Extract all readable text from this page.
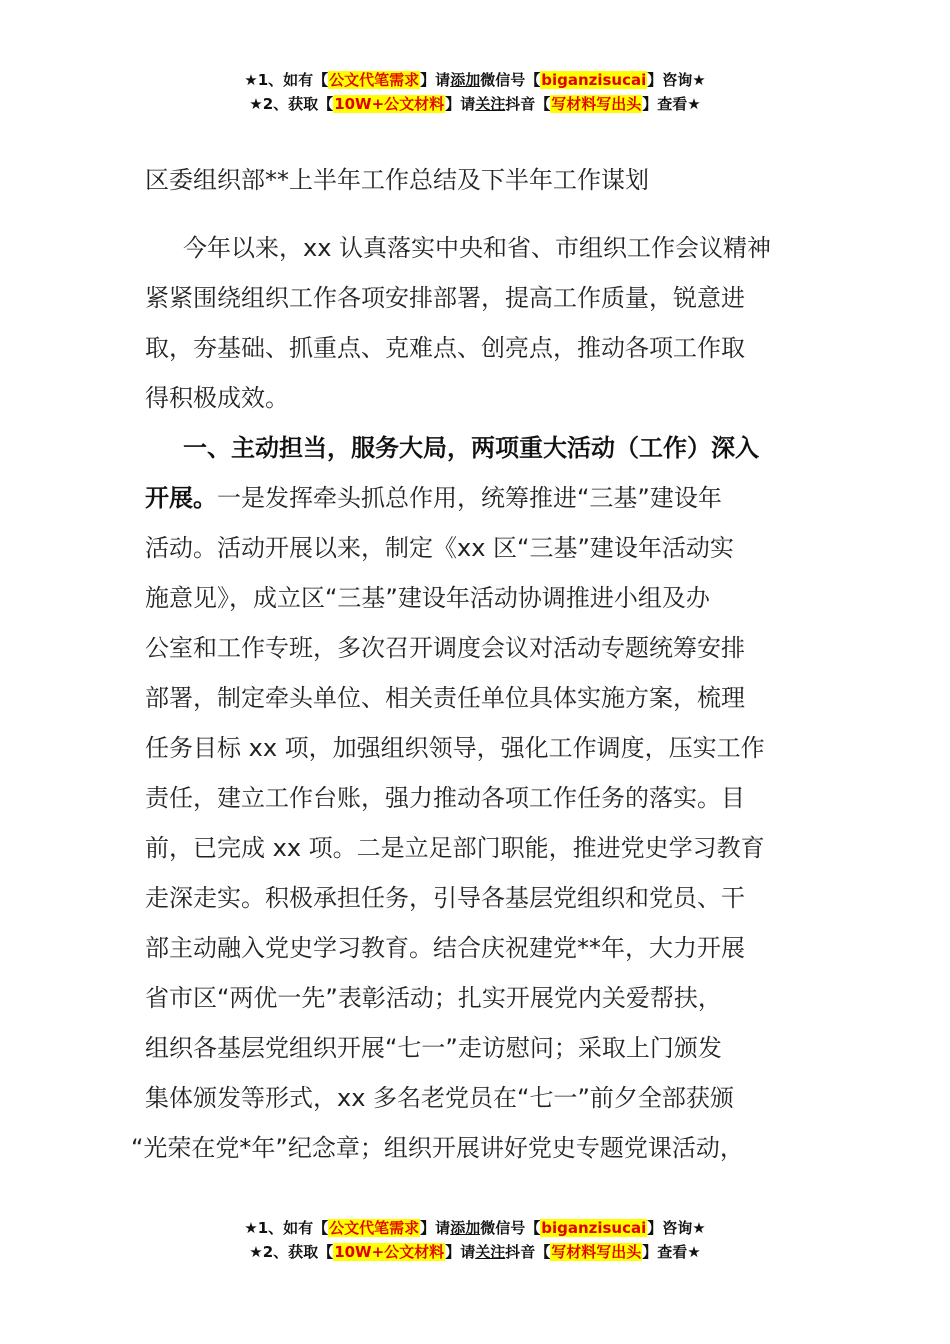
★1、如有【公文代笔需求】请添加微信号【biganzisucai】咨询★
★2、获取【10W+公文材料】请关注抖音【写材料写出头】查看★
区委组织部**上半年工作总结及下半年工作谋划
今年以来，xx 认真落实中央和省、市组织工作会议精神
紧紧围绕组织工作各项安排部署，提高工作质量，锐意进
取，夯基础、抓重点、克难点、创亮点，推动各项工作取
得积极成效。
一、主动担当，服务大局，两项重大活动（工作）深入
开展。一是发挥牵头抓总作用，统筹推进“三基”建设年
活动。活动开展以来，制定《xx 区“三基”建设年活动实
施意见》，成立区“三基”建设年活动协调推进小组及办
公室和工作专班，多次召开调度会议对活动专题统筹安排
部署，制定牵头单位、相关责任单位具体实施方案，梳理
任务目标 xx 项，加强组织领导，强化工作调度，压实工作
责任，建立工作台账，强力推动各项工作任务的落实。目
前，已完成 xx 项。二是立足部门职能，推进党史学习教育
走深走实。积极承担任务，引导各基层党组织和党员、干
部主动融入党史学习教育。结合庆祝建党**年，大力开展
省市区“两优一先”表彰活动；扎实开展党内关爱帮扶，
组织各基层党组织开展“七一”走访慰问；采取上门颁发
集体颁发等形式，xx 多名老党员在“七一”前夕全部获颁
“光荣在党*年”纪念章；组织开展讲好党史专题党课活动，
★1、如有【公文代笔需求】请添加微信号【biganzisucai】咨询★
★2、获取【10W+公文材料】请关注抖音【写材料写出头】查看★
